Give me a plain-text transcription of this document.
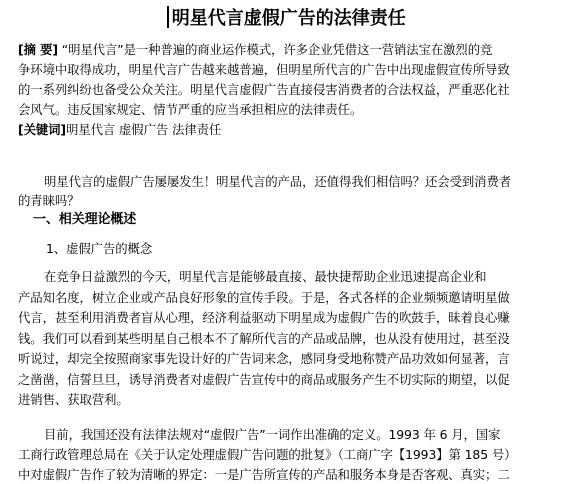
明星代言虚假广告的法律责任
[摘 要] “明星代言”是一种普遍的商业运作模式，许多企业凭借这一营销法宝在激烈的竞
争环境中取得成功，明星代言广告越来越普遍，但明星所代言的广告中出现虚假宣传所导致
的一系列纠纷也备受公众关注。明星代言虚假广告直接侵害消费者的合法权益，严重恶化社
会风气。违反国家规定、情节严重的应当承担相应的法律责任。
[关键词]明星代言 虚假广告 法律责任
明星代言的虚假广告屡屡发生！明星代言的产品，还值得我们相信吗？还会受到消费者
的青睐吗？
一、相关理论概述
1、虚假广告的概念
在竞争日益激烈的今天，明星代言是能够最直接、最快捷帮助企业迅速提高企业和
产品知名度，树立企业或产品良好形象的宣传手段。于是，各式各样的企业频频邀请明星做
代言，甚至利用消费者盲从心理，经济利益驱动下明星成为虚假广告的吹鼓手，昧着良心赚
钱。我们可以看到某些明星自己根本不了解所代言的产品或品牌，也从没有使用过，甚至没
听说过，却完全按照商家事先设计好的广告词来念，感同身受地称赞产品功效如何显著，言
之凿凿，信誓旦旦，诱导消费者对虚假广告宣传中的商品或服务产生不切实际的期望，以促
进销售、获取营利。
目前，我国还没有法律法规对“虚假广告”一词作出准确的定义。1993 年 6 月，国家
工商行政管理总局在《关于认定处理虚假广告问题的批复》（工商广字【1993】第 185 号）
中对虚假广告作了较为清晰的界定：一是广告所宣传的产品和服务本身是否客观、真实；二
